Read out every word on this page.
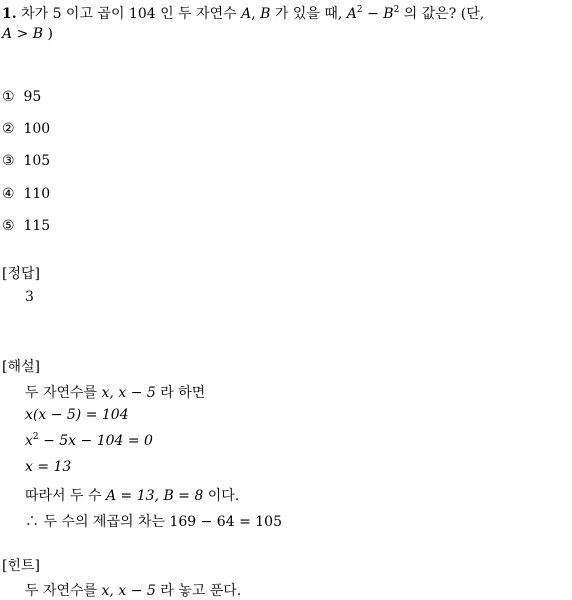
1. 차가 5 이고 곱이 104 인 두 자연수 A, B 가 있을 때, $A^2 - B^2$ 의 값은? (단,
A > B )
① 95
② 100
③ 105
④ 110
⑤ 115
[정답]
3
[해설]
두 자연수를 x, x − 5 라 하면
x(x − 5) = 104
$x^2 - 5x - 104 = 0$
x = 13
따라서 두 수 A = 13, B = 8 이다.
∴ 두 수의 제곱의 차는 169 − 64 = 105
[힌트]
두 자연수를 x, x − 5 라 놓고 푼다.
